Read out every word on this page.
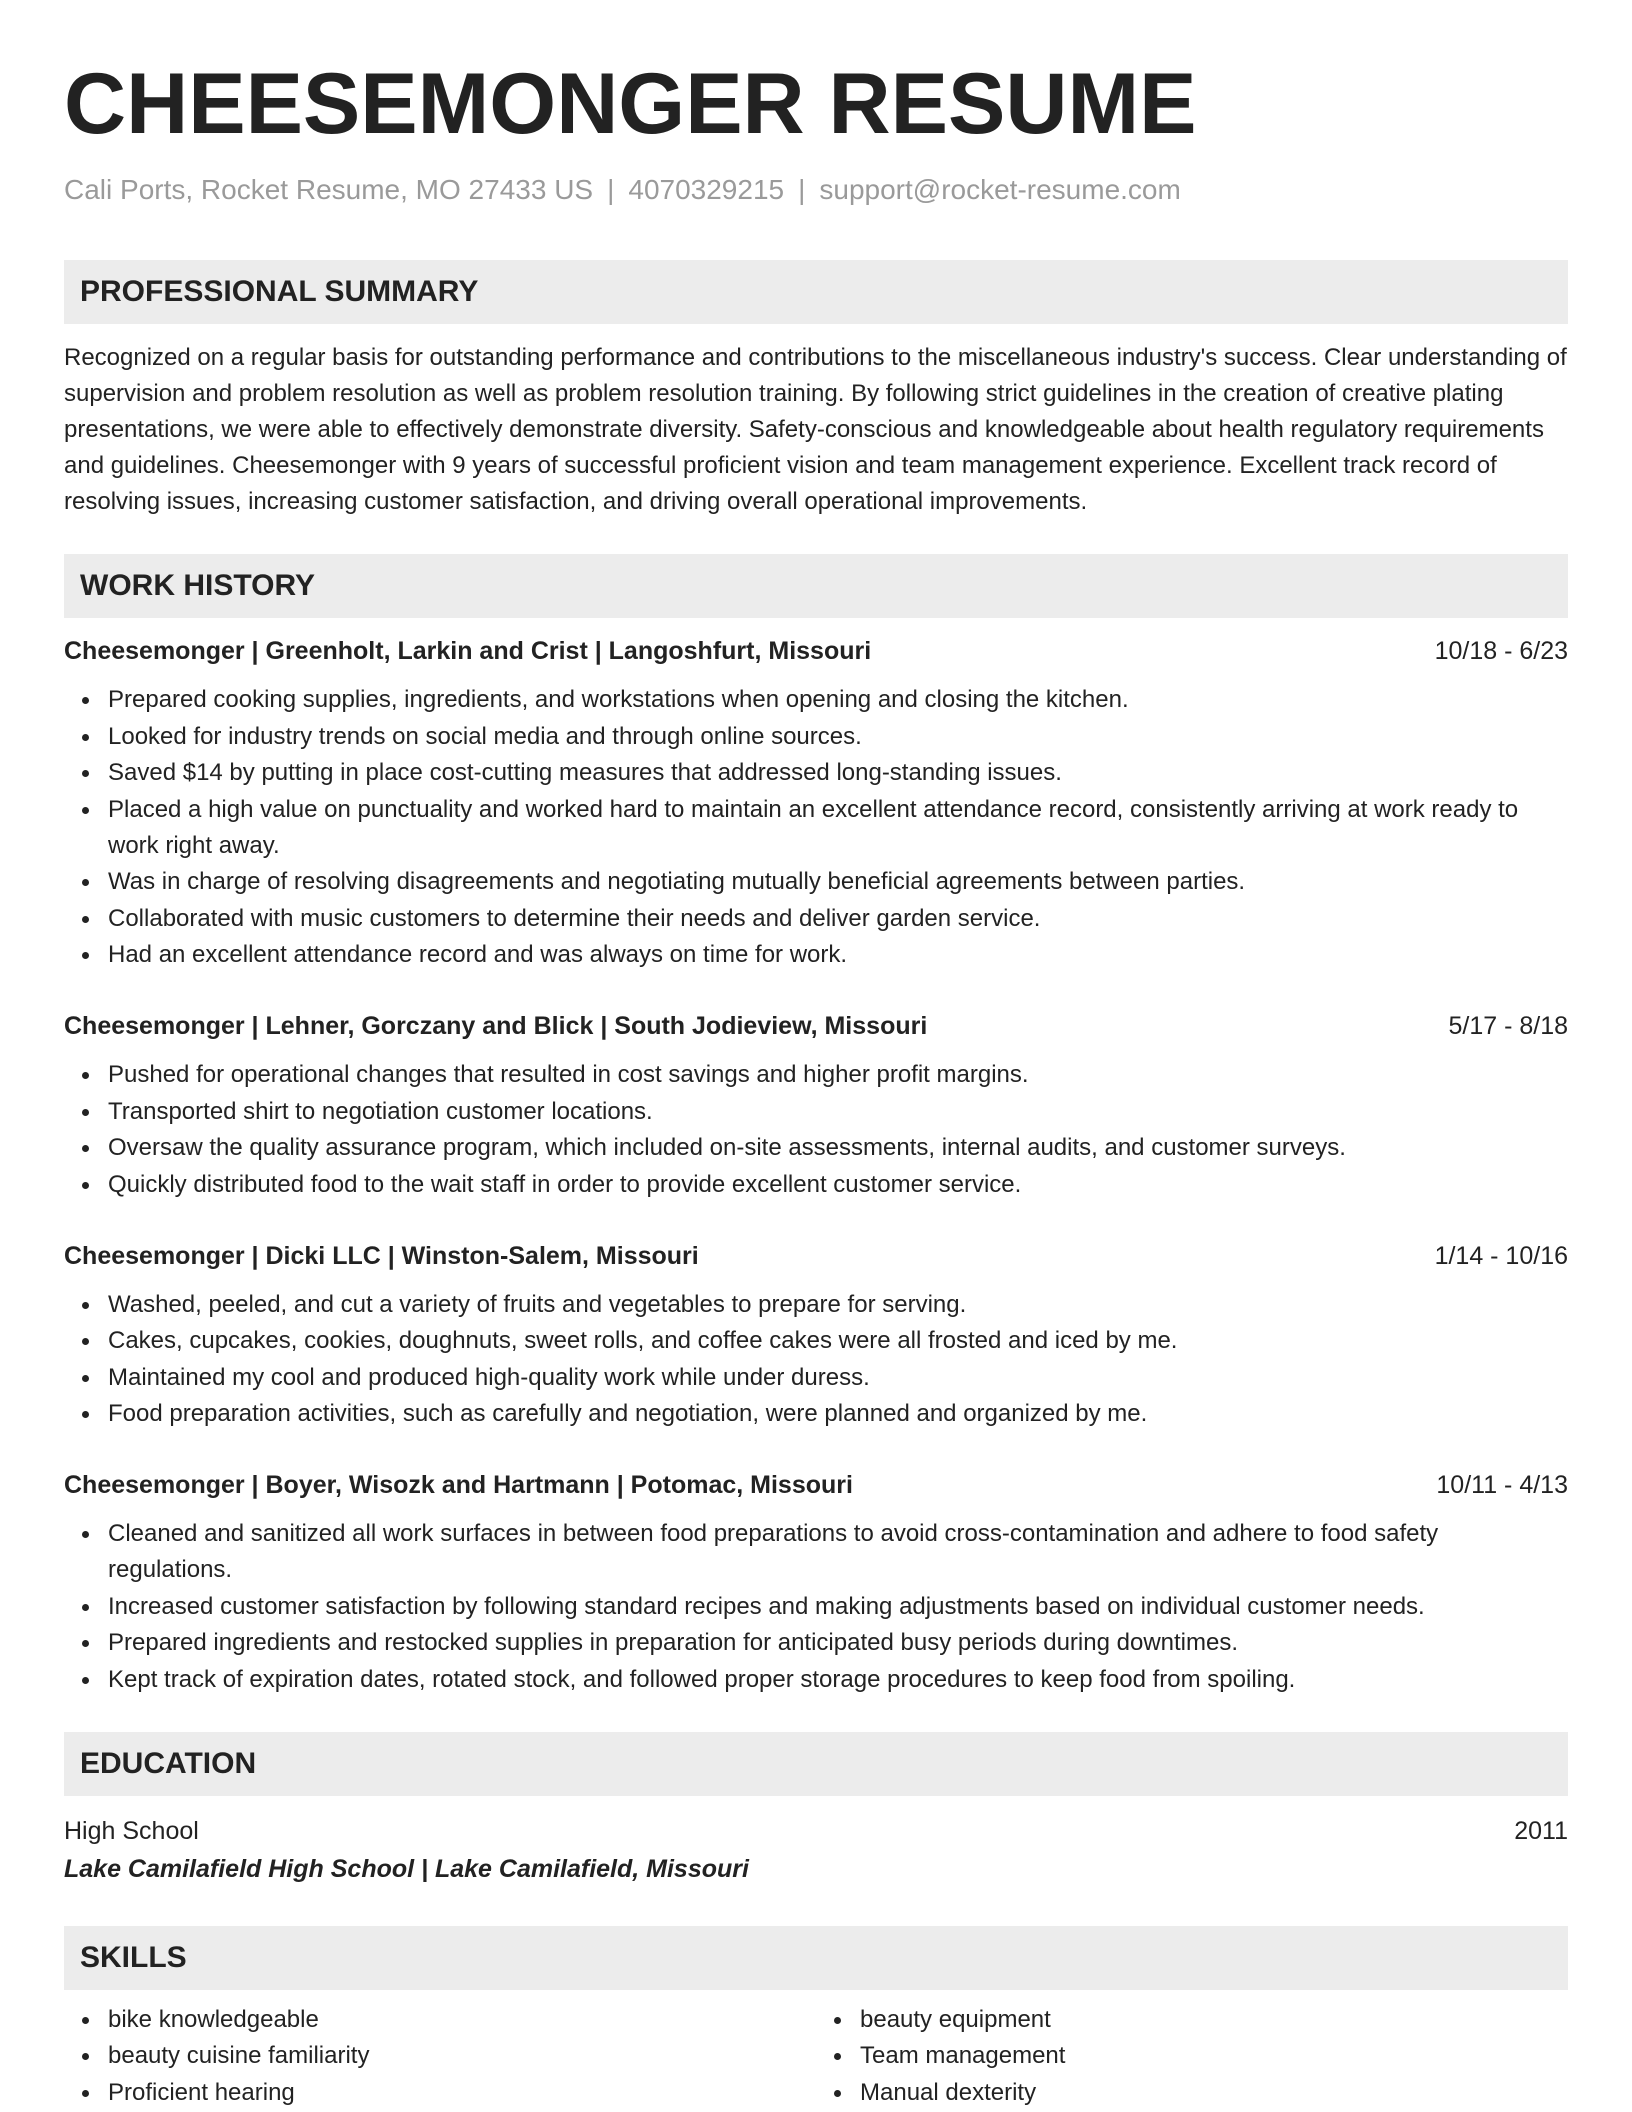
CHEESEMONGER RESUME
Cali Ports, Rocket Resume, MO 27433 US | 4070329215 | support@rocket-resume.com
PROFESSIONAL SUMMARY

Recognized on a regular basis for outstanding performance and contributions to the miscellaneous industry's success. Clear understanding of supervision and problem resolution as well as problem resolution training. By following strict guidelines in the creation of creative plating presentations, we were able to effectively demonstrate diversity. Safety-conscious and knowledgeable about health regulatory requirements and guidelines. Cheesemonger with 9 years of successful proficient vision and team management experience. Excellent track record of resolving issues, increasing customer satisfaction, and driving overall operational improvements.

WORK HISTORY
Cheesemonger | Greenholt, Larkin and Crist | Langoshfurt, Missouri	10/18 - 6/23
Prepared cooking supplies, ingredients, and workstations when opening and closing the kitchen.
Looked for industry trends on social media and through online sources.
Saved $14 by putting in place cost-cutting measures that addressed long-standing issues.
Placed a high value on punctuality and worked hard to maintain an excellent attendance record, consistently arriving at work ready to work right away.
Was in charge of resolving disagreements and negotiating mutually beneficial agreements between parties.
Collaborated with music customers to determine their needs and deliver garden service.
Had an excellent attendance record and was always on time for work.
Cheesemonger | Lehner, Gorczany and Blick | South Jodieview, Missouri	5/17 - 8/18
Pushed for operational changes that resulted in cost savings and higher profit margins.
Transported shirt to negotiation customer locations.
Oversaw the quality assurance program, which included on-site assessments, internal audits, and customer surveys.
Quickly distributed food to the wait staff in order to provide excellent customer service.
Cheesemonger | Dicki LLC | Winston-Salem, Missouri	1/14 - 10/16
Washed, peeled, and cut a variety of fruits and vegetables to prepare for serving.
Cakes, cupcakes, cookies, doughnuts, sweet rolls, and coffee cakes were all frosted and iced by me.
Maintained my cool and produced high-quality work while under duress.
Food preparation activities, such as carefully and negotiation, were planned and organized by me.
Cheesemonger | Boyer, Wisozk and Hartmann | Potomac, Missouri	10/11 - 4/13
Cleaned and sanitized all work surfaces in between food preparations to avoid cross-contamination and adhere to food safety regulations.
Increased customer satisfaction by following standard recipes and making adjustments based on individual customer needs.
Prepared ingredients and restocked supplies in preparation for anticipated busy periods during downtimes.
Kept track of expiration dates, rotated stock, and followed proper storage procedures to keep food from spoiling.
EDUCATION
High School	2011
Lake Camilafield High School | Lake Camilafield, Missouri
SKILLS
bike knowledgeable
beauty cuisine familiarity
Proficient hearing
beauty equipment
Team management
Manual dexterity
